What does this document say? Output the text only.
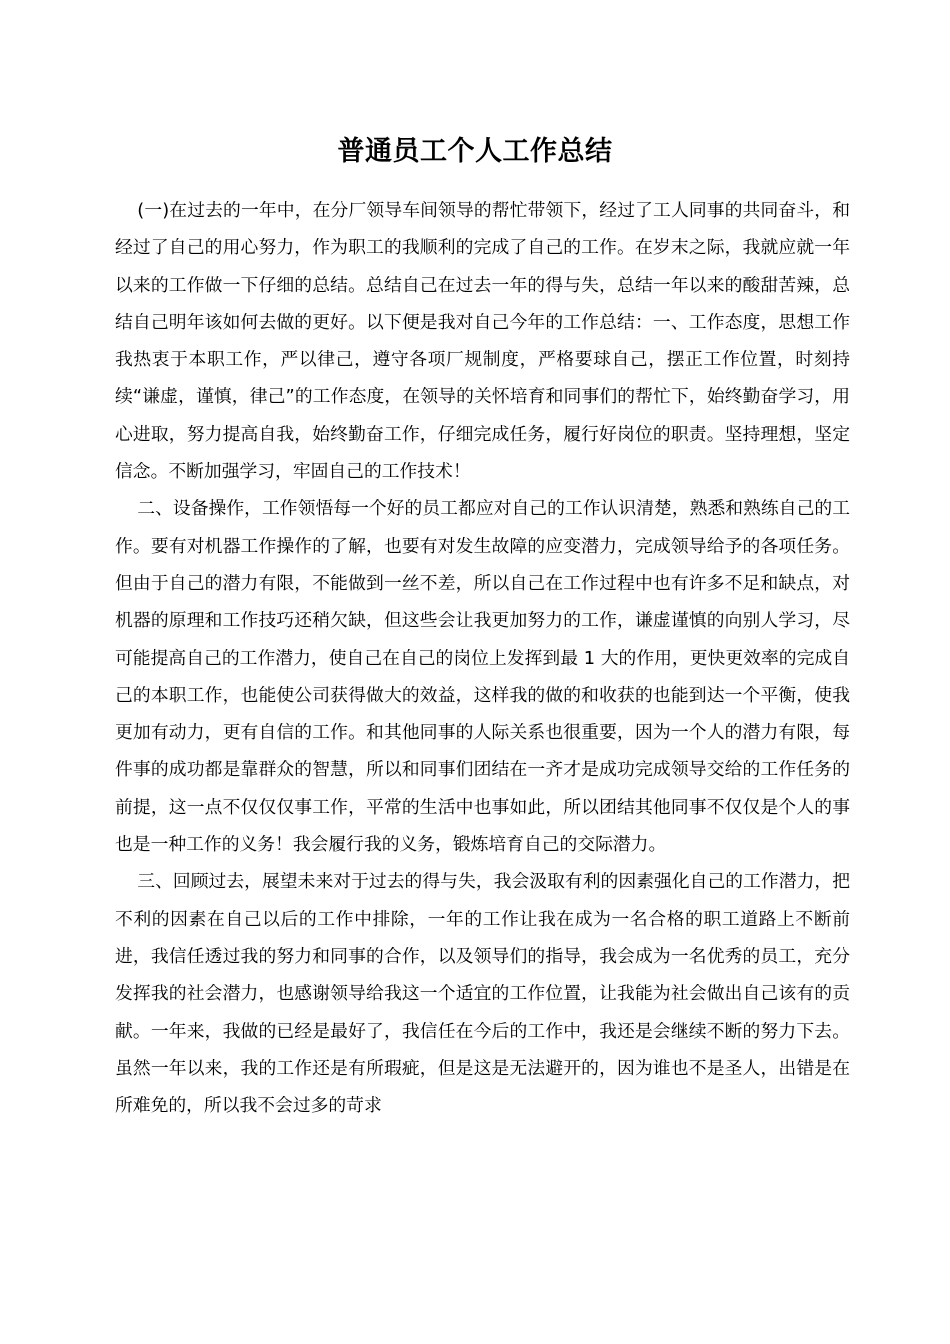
普通员工个人工作总结

(一)在过去的一年中，在分厂领导车间领导的帮忙带领下，经过了工人同事的共同奋斗，和经过了自己的用心努力，作为职工的我顺利的完成了自己的工作。在岁末之际，我就应就一年以来的工作做一下仔细的总结。总结自己在过去一年的得与失，总结一年以来的酸甜苦辣，总结自己明年该如何去做的更好。以下便是我对自己今年的工作总结：一、工作态度，思想工作我热衷于本职工作，严以律己，遵守各项厂规制度，严格要球自己，摆正工作位置，时刻持续“谦虚，谨慎，律己”的工作态度，在领导的关怀培育和同事们的帮忙下，始终勤奋学习，用心进取，努力提高自我，始终勤奋工作，仔细完成任务，履行好岗位的职责。坚持理想，坚定信念。不断加强学习，牢固自己的工作技术！

二、设备操作，工作领悟每一个好的员工都应对自己的工作认识清楚，熟悉和熟练自己的工作。要有对机器工作操作的了解，也要有对发生故障的应变潜力，完成领导给予的各项任务。但由于自己的潜力有限，不能做到一丝不差，所以自己在工作过程中也有许多不足和缺点，对机器的原理和工作技巧还稍欠缺，但这些会让我更加努力的工作，谦虚谨慎的向别人学习，尽可能提高自己的工作潜力，使自己在自己的岗位上发挥到最 1 大的作用，更快更效率的完成自己的本职工作，也能使公司获得做大的效益，这样我的做的和收获的也能到达一个平衡，使我更加有动力，更有自信的工作。和其他同事的人际关系也很重要，因为一个人的潜力有限，每件事的成功都是靠群众的智慧，所以和同事们团结在一齐才是成功完成领导交给的工作任务的前提，这一点不仅仅仅事工作，平常的生活中也事如此，所以团结其他同事不仅仅是个人的事也是一种工作的义务！我会履行我的义务，锻炼培育自己的交际潜力。

三、回顾过去，展望未来对于过去的得与失，我会汲取有利的因素强化自己的工作潜力，把不利的因素在自己以后的工作中排除，一年的工作让我在成为一名合格的职工道路上不断前进，我信任透过我的努力和同事的合作，以及领导们的指导，我会成为一名优秀的员工，充分发挥我的社会潜力，也感谢领导给我这一个适宜的工作位置，让我能为社会做出自己该有的贡献。一年来，我做的已经是最好了，我信任在今后的工作中，我还是会继续不断的努力下去。虽然一年以来，我的工作还是有所瑕疵，但是这是无法避开的，因为谁也不是圣人，出错是在所难免的，所以我不会过多的苛求
